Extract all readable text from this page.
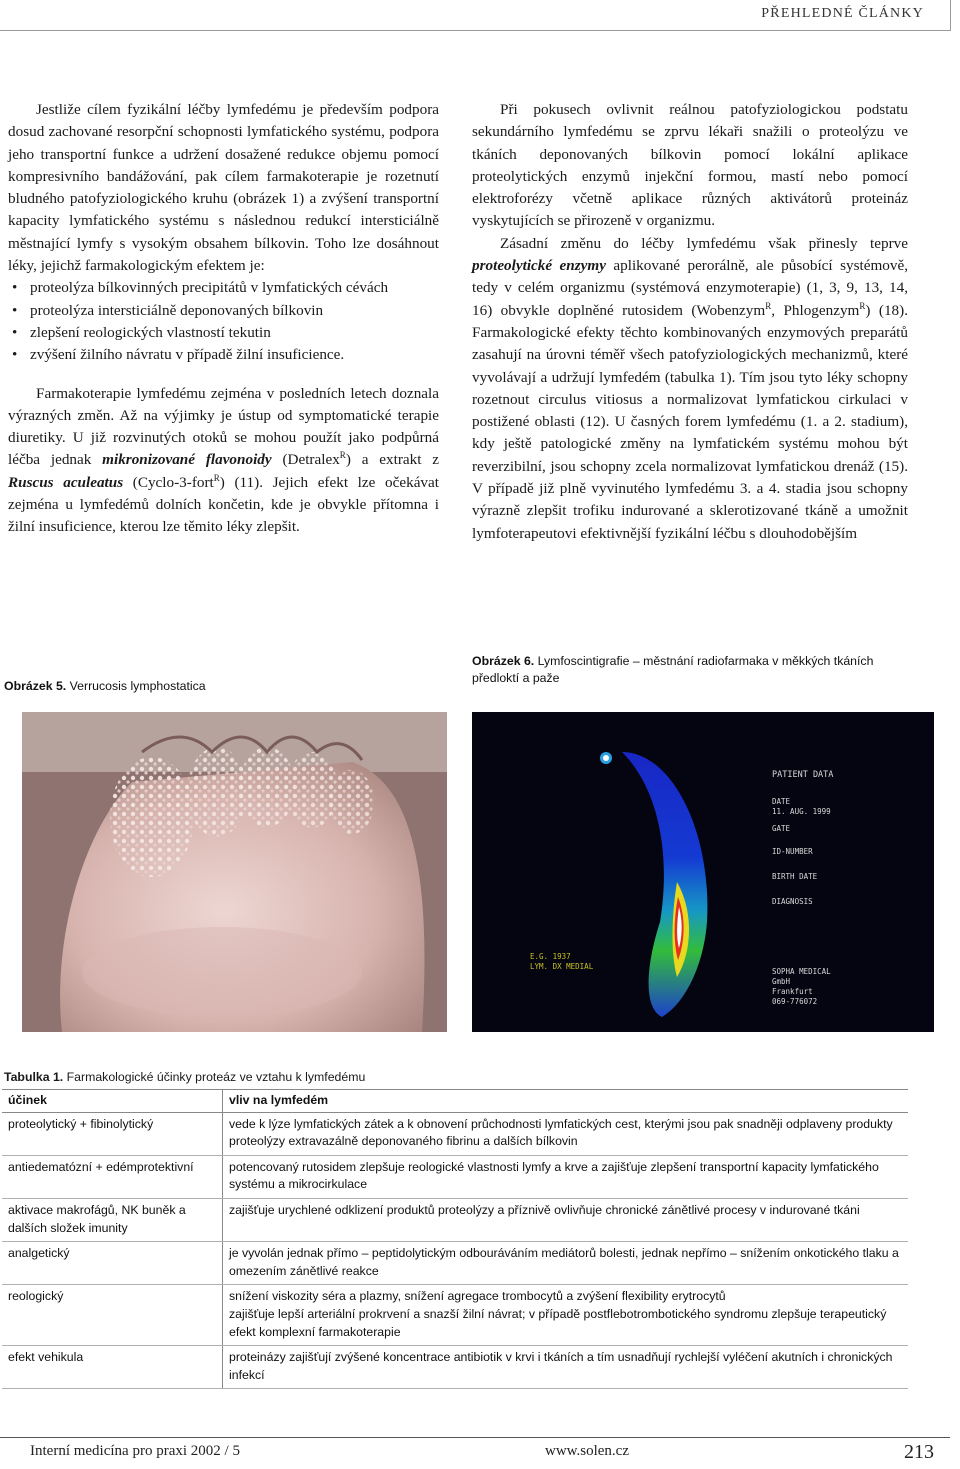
PŘEHLEDNÉ ČLÁNKY

Jestliže cílem fyzikální léčby lymfedému je především podpora dosud zachované resorpční schopnosti lymfatického systému, podpora jeho transportní funkce a udržení dosažené redukce objemu pomocí kompresivního bandážování, pak cílem farmakoterapie je rozetnutí bludného patofyziologického kruhu (obrázek 1) a zvýšení transportní kapacity lymfatického systému s následnou redukcí intersticiálně městnající lymfy s vysokým obsahem bílkovin. Toho lze dosáhnout léky, jejichž farmakologickým efektem je:

• proteolýza bílkovinných precipitátů v lymfatických cévách
• proteolýza intersticiálně deponovaných bílkovin
• zlepšení reologických vlastností tekutin
• zvýšení žilního návratu v případě žilní insuficience.

Farmakoterapie lymfedému zejména v posledních letech doznala výrazných změn. Až na výjimky je ústup od symptomatické terapie diuretiky. U již rozvinutých otoků se mohou použít jako podpůrná léčba jednak mikronizované flavonoidy (Detralex$^R$) a extrakt z Ruscus aculeatus (Cyclo-3-fort$^R$) (11). Jejich efekt lze očekávat zejména u lymfedémů dolních končetin, kde je obvykle přítomna i žilní insuficience, kterou lze těmito léky zlepšit.

Obrázek 5. Verrucosis lymphostatica

Při pokusech ovlivnit reálnou patofyziologickou podstatu sekundárního lymfedému se zprvu lékaři snažili o proteolýzu ve tkáních deponovaných bílkovin pomocí lokální aplikace proteolytických enzymů injekční formou, mastí nebo pomocí elektroforézy včetně aplikace různých aktivátorů proteináz vyskytujících se přirozeně v organizmu.

Zásadní změnu do léčby lymfedému však přinesly teprve proteolytické enzymy aplikované perorálně, ale působící systémově, tedy v celém organizmu (systémová enzymoterapie) (1, 3, 9, 13, 14, 16) obvykle doplněné rutosidem (Wobenzym$^R$, Phlogenzym$^R$) (18). Farmakologické efekty těchto kombinovaných enzymových preparátů zasahují na úrovni téměř všech patofyziologických mechanizmů, které vyvolávají a udržují lymfedém (tabulka 1). Tím jsou tyto léky schopny rozetnout circulus vitiosus a normalizovat lymfatickou cirkulaci v postižené oblasti (12). U časných forem lymfedému (1. a 2. stadium), kdy ještě patologické změny na lymfatickém systému mohou být reverzibilní, jsou schopny zcela normalizovat lymfatickou drenáž (15). V případě již plně vyvinutého lymfedému 3. a 4. stadia jsou schopny výrazně zlepšit trofiku indurované a sklerotizované tkáně a umožnit lymfoterapeutovi efektivnější fyzikální léčbu s dlouhodobějším

Obrázek 6. Lymfoscintigrafie – městnání radiofarmaka v měkkých tkáních předloktí a paže
PATIENT DATA
DATE
11. AUG. 1999
GATE
ID-NUMBER
BIRTH DATE
DIAGNOSIS
E.G. 1937
LYM. DX MEDIAL
SOPHA MEDICAL
GmbH
Frankfurt
069-776072
Tabulka 1. Farmakologické účinky proteáz ve vztahu k lymfedému
účinek	vliv na lymfedém
proteolytický + fibinolytický	vede k lýze lymfatických zátek a k obnovení průchodnosti lymfatických cest, kterými jsou pak snadněji odplaveny produkty proteolýzy extravazálně deponovaného fibrinu a dalších bílkovin
antiedematózní + edémprotektivní	potencovaný rutosidem zlepšuje reologické vlastnosti lymfy a krve a zajišťuje zlepšení transportní kapacity lymfatického systému a mikrocirkulace
aktivace makrofágů, NK buněk a dalších složek imunity	zajišťuje urychlené odklizení produktů proteolýzy a příznivě ovlivňuje chronické zánětlivé procesy v indurované tkáni
analgetický	je vyvolán jednak přímo – peptidolytickým odbouráváním mediátorů bolesti, jednak nepřímo – snížením onkotického tlaku a omezením zánětlivé reakce
reologický	snížení viskozity séra a plazmy, snížení agregace trombocytů a zvýšení flexibility erytrocytů
zajišťuje lepší arteriální prokrvení a snazší žilní návrat; v případě postflebotrombotického syndromu zlepšuje terapeutický efekt komplexní farmakoterapie

efekt vehikula	proteinázy zajišťují zvýšené koncentrace antibiotik v krvi i tkáních a tím usnadňují rychlejší vyléčení akutních i chronických infekcí
Interní medicína pro praxi 2002 / 5	www.solen.cz	213
